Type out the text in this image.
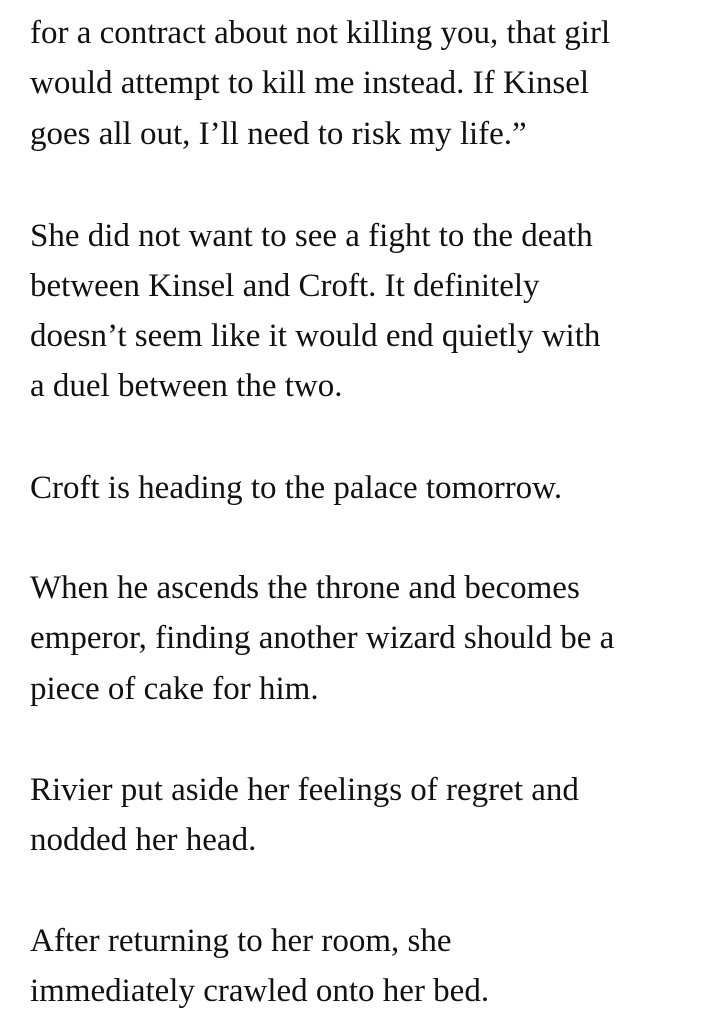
for a contract about not killing you, that girl
would attempt to kill me instead. If Kinsel
goes all out, I’ll need to risk my life.”
She did not want to see a fight to the death
between Kinsel and Croft. It definitely
doesn’t seem like it would end quietly with
a duel between the two.
Croft is heading to the palace tomorrow.
When he ascends the throne and becomes
emperor, finding another wizard should be a
piece of cake for him.
Rivier put aside her feelings of regret and
nodded her head.
After returning to her room, she
immediately crawled onto her bed.
